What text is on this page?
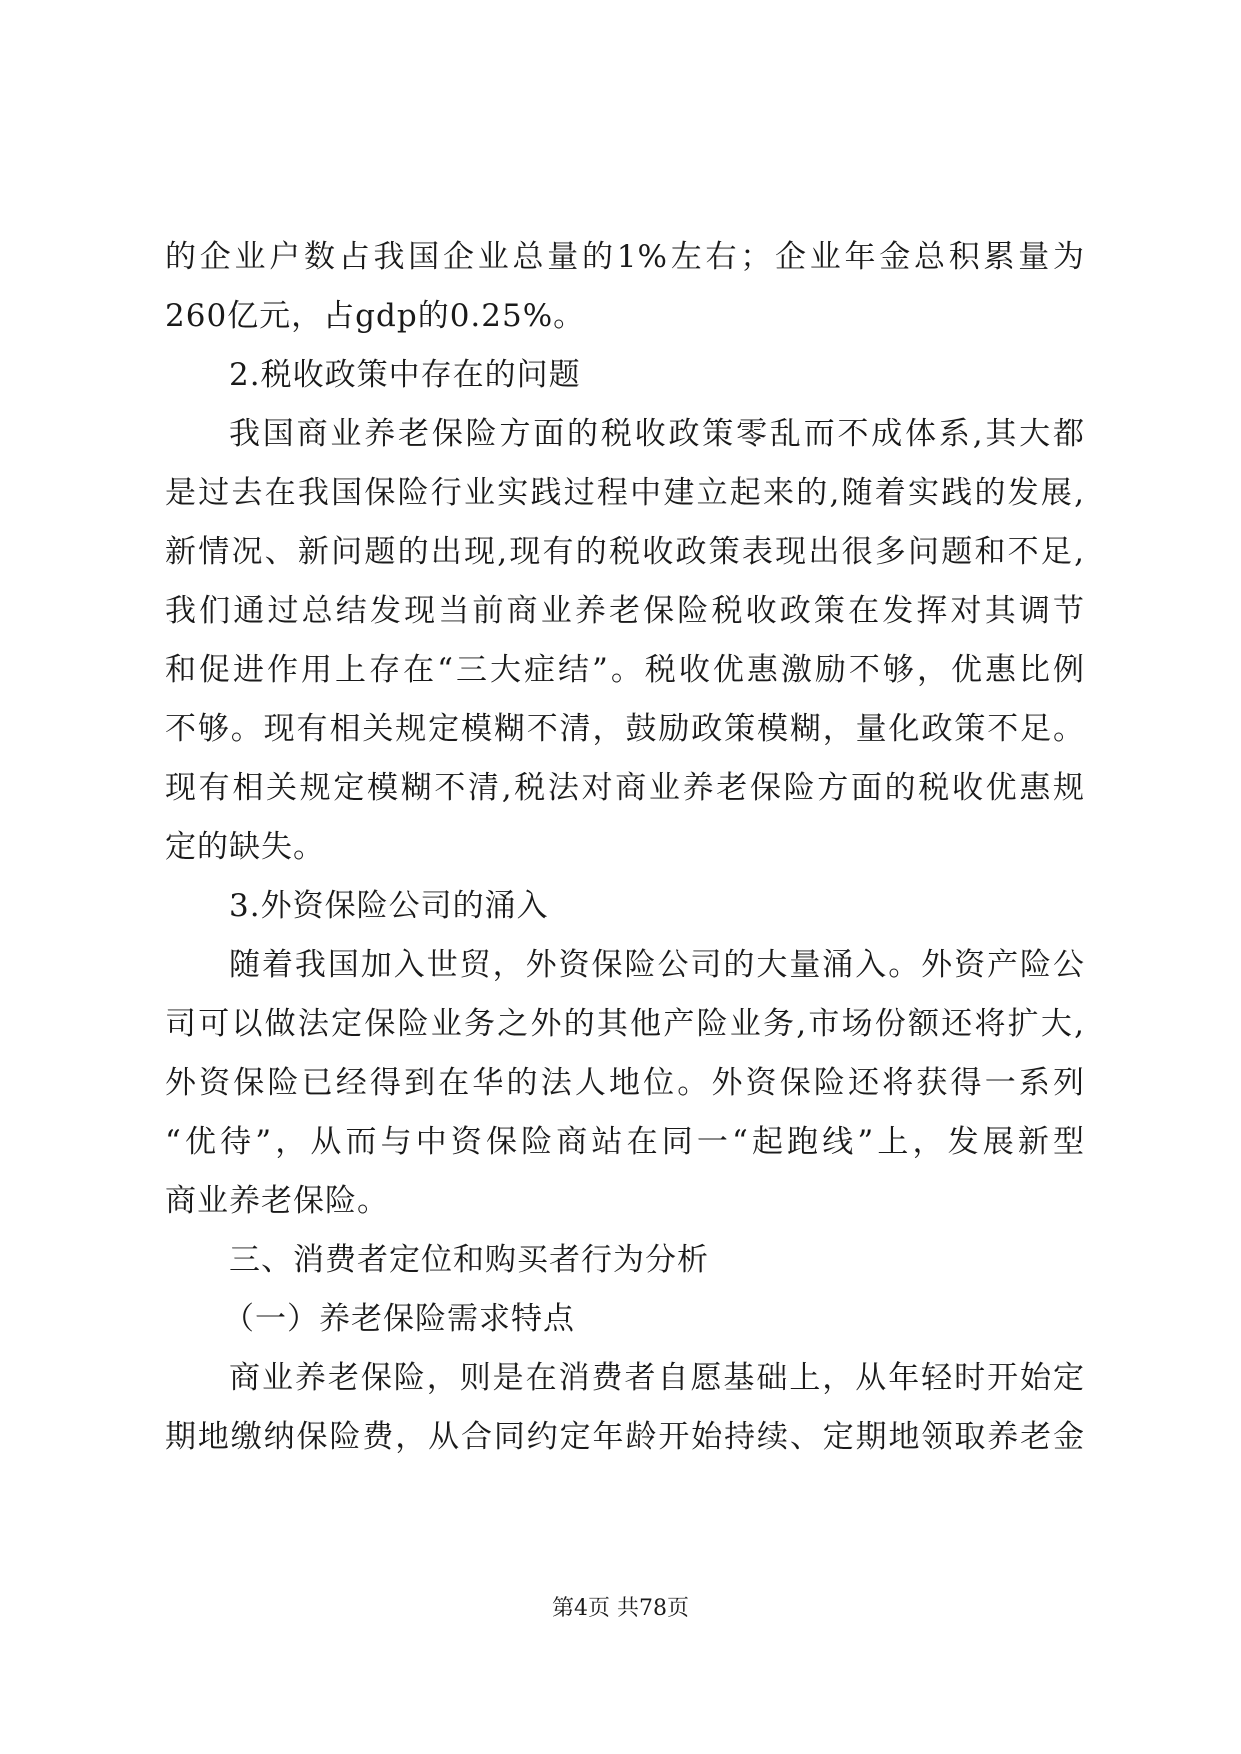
的企业户数占我国企业总量的1%左右；企业年金总积累量为
260亿元，占gdp的0.25%。
2.税收政策中存在的问题
我国商业养老保险方面的税收政策零乱而不成体系,其大都
是过去在我国保险行业实践过程中建立起来的,随着实践的发展,
新情况、新问题的出现,现有的税收政策表现出很多问题和不足,
我们通过总结发现当前商业养老保险税收政策在发挥对其调节
和促进作用上存在“三大症结”。税收优惠激励不够，优惠比例
不够。现有相关规定模糊不清，鼓励政策模糊，量化政策不足。
现有相关规定模糊不清,税法对商业养老保险方面的税收优惠规
定的缺失。
3.外资保险公司的涌入
随着我国加入世贸，外资保险公司的大量涌入。外资产险公
司可以做法定保险业务之外的其他产险业务,市场份额还将扩大,
外资保险已经得到在华的法人地位。外资保险还将获得一系列
“优待”，从而与中资保险商站在同一“起跑线”上，发展新型
商业养老保险。
三、消费者定位和购买者行为分析
（一）养老保险需求特点
商业养老保险，则是在消费者自愿基础上，从年轻时开始定
期地缴纳保险费，从合同约定年龄开始持续、定期地领取养老金
第4页 共78页
